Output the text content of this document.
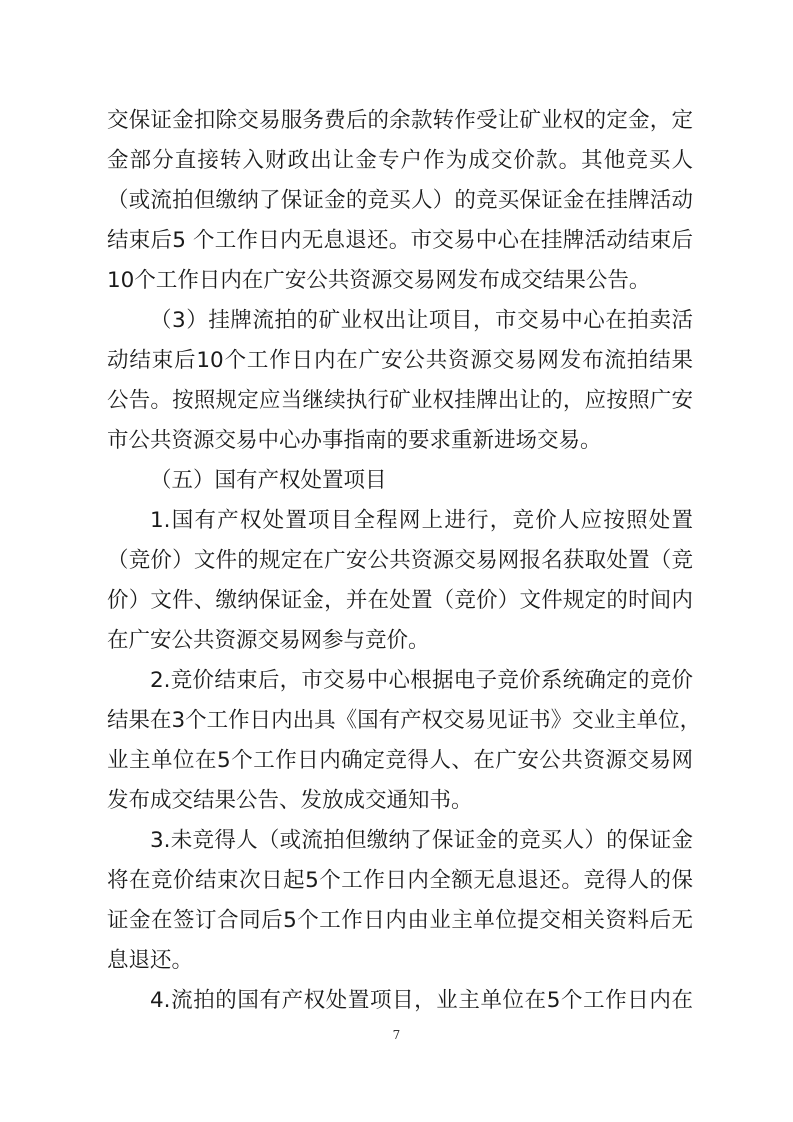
交保证金扣除交易服务费后的余款转作受让矿业权的定金，定
金部分直接转入财政出让金专户作为成交价款。其他竞买人
（或流拍但缴纳了保证金的竞买人）的竞买保证金在挂牌活动
结束后5 个工作日内无息退还。市交易中心在挂牌活动结束后
10个工作日内在广安公共资源交易网发布成交结果公告。
（3）挂牌流拍的矿业权出让项目，市交易中心在拍卖活
动结束后10个工作日内在广安公共资源交易网发布流拍结果
公告。按照规定应当继续执行矿业权挂牌出让的，应按照广安
市公共资源交易中心办事指南的要求重新进场交易。
（五）国有产权处置项目
1.国有产权处置项目全程网上进行，竞价人应按照处置
（竞价）文件的规定在广安公共资源交易网报名获取处置（竞
价）文件、缴纳保证金，并在处置（竞价）文件规定的时间内
在广安公共资源交易网参与竞价。
2.竞价结束后，市交易中心根据电子竞价系统确定的竞价
结果在3个工作日内出具《国有产权交易见证书》交业主单位，
业主单位在5个工作日内确定竞得人、在广安公共资源交易网
发布成交结果公告、发放成交通知书。
3.未竞得人（或流拍但缴纳了保证金的竞买人）的保证金
将在竞价结束次日起5个工作日内全额无息退还。竞得人的保
证金在签订合同后5个工作日内由业主单位提交相关资料后无
息退还。
4.流拍的国有产权处置项目，业主单位在5个工作日内在
7
